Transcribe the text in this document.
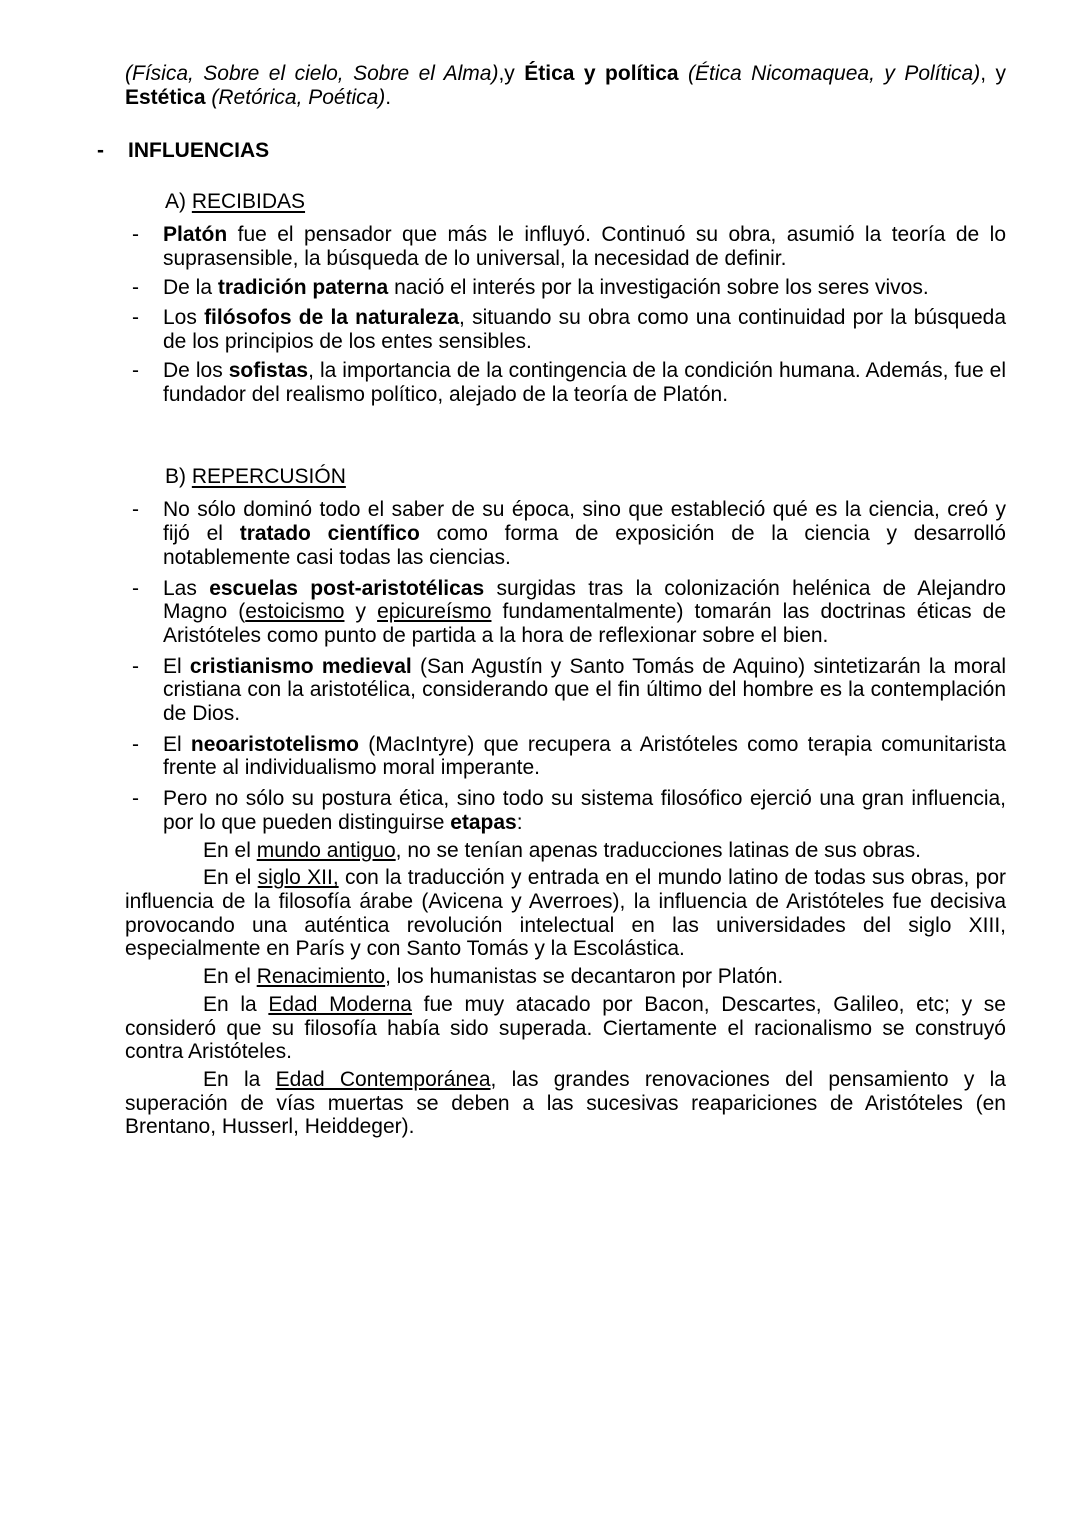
(Física, Sobre el cielo, Sobre el Alma),y Ética y política (Ética Nicomaquea, y Política), y Estética (Retórica, Poética).

- INFLUENCIAS

A) RECIBIDAS

- Platón fue el pensador que más le influyó. Continuó su obra, asumió la teoría de lo suprasensible, la búsqueda de lo universal, la necesidad de definir.

- De la tradición paterna nació el interés por la investigación sobre los seres vivos.

- Los filósofos de la naturaleza, situando su obra como una continuidad por la búsqueda de los principios de los entes sensibles.

- De los sofistas, la importancia de la contingencia de la condición humana. Además, fue el fundador del realismo político, alejado de la teoría de Platón.

B) REPERCUSIÓN

- No sólo dominó todo el saber de su época, sino que estableció qué es la ciencia, creó y fijó el tratado científico como forma de exposición de la ciencia y desarrolló notablemente casi todas las ciencias.

- Las escuelas post-aristotélicas surgidas tras la colonización helénica de Alejandro Magno (estoicismo y epicureísmo fundamentalmente) tomarán las doctrinas éticas de Aristóteles como punto de partida a la hora de reflexionar sobre el bien.

- El cristianismo medieval (San Agustín y Santo Tomás de Aquino) sintetizarán la moral cristiana con la aristotélica, considerando que el fin último del hombre es la contemplación de Dios.

- El neoaristotelismo (MacIntyre) que recupera a Aristóteles como terapia comunitarista frente al individualismo moral imperante.

- Pero no sólo su postura ética, sino todo su sistema filosófico ejerció una gran influencia, por lo que pueden distinguirse etapas:

En el mundo antiguo, no se tenían apenas traducciones latinas de sus obras.

En el siglo XII, con la traducción y entrada en el mundo latino de todas sus obras, por influencia de la filosofía árabe (Avicena y Averroes), la influencia de Aristóteles fue decisiva provocando una auténtica revolución intelectual en las universidades del siglo XIII, especialmente en París y con Santo Tomás y la Escolástica.

En el Renacimiento, los humanistas se decantaron por Platón.

En la Edad Moderna fue muy atacado por Bacon, Descartes, Galileo, etc; y se consideró que su filosofía había sido superada. Ciertamente el racionalismo se construyó contra Aristóteles.

En la Edad Contemporánea, las grandes renovaciones del pensamiento y la superación de vías muertas se deben a las sucesivas reapariciones de Aristóteles (en Brentano, Husserl, Heiddeger).
